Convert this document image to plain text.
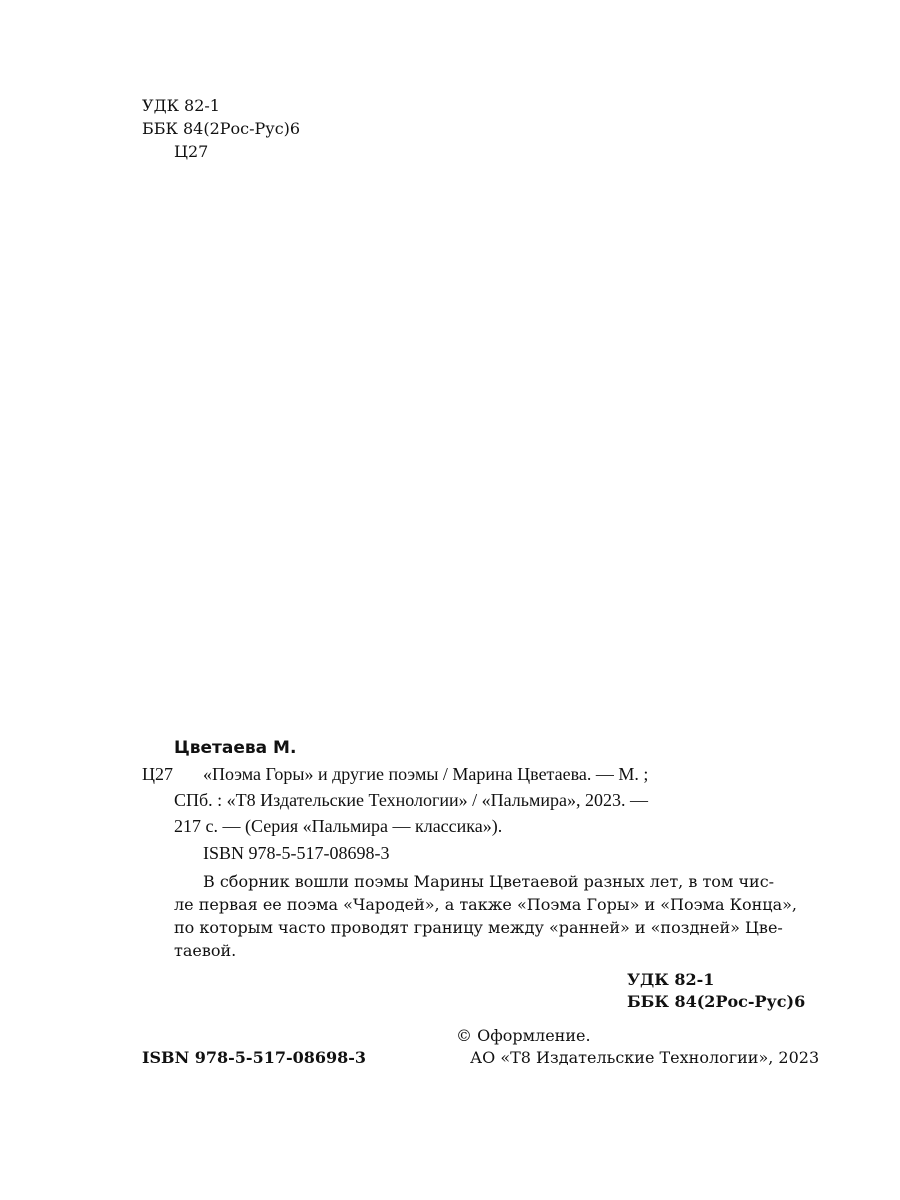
УДК 82-1
ББК 84(2Рос-Рус)6
Ц27
Цветаева М.
Ц27 «Поэма Горы» и другие поэмы / Марина Цветаева. — М. ;
СПб. : «Т8 Издательские Технологии» / «Пальмира», 2023. —
217 с. — (Серия «Пальмира — классика»).
ISBN 978-5-517-08698-3
В сборник вошли поэмы Марины Цветаевой разных лет, в том чис-
ле первая ее поэма «Чародей», а также «Поэма Горы» и «Поэма Конца»,
по которым часто проводят границу между «ранней» и «поздней» Цве-
таевой.
УДК 82-1
ББК 84(2Рос-Рус)6
ISBN 978-5-517-08698-3
© Оформление.
АО «Т8 Издательские Технологии», 2023
